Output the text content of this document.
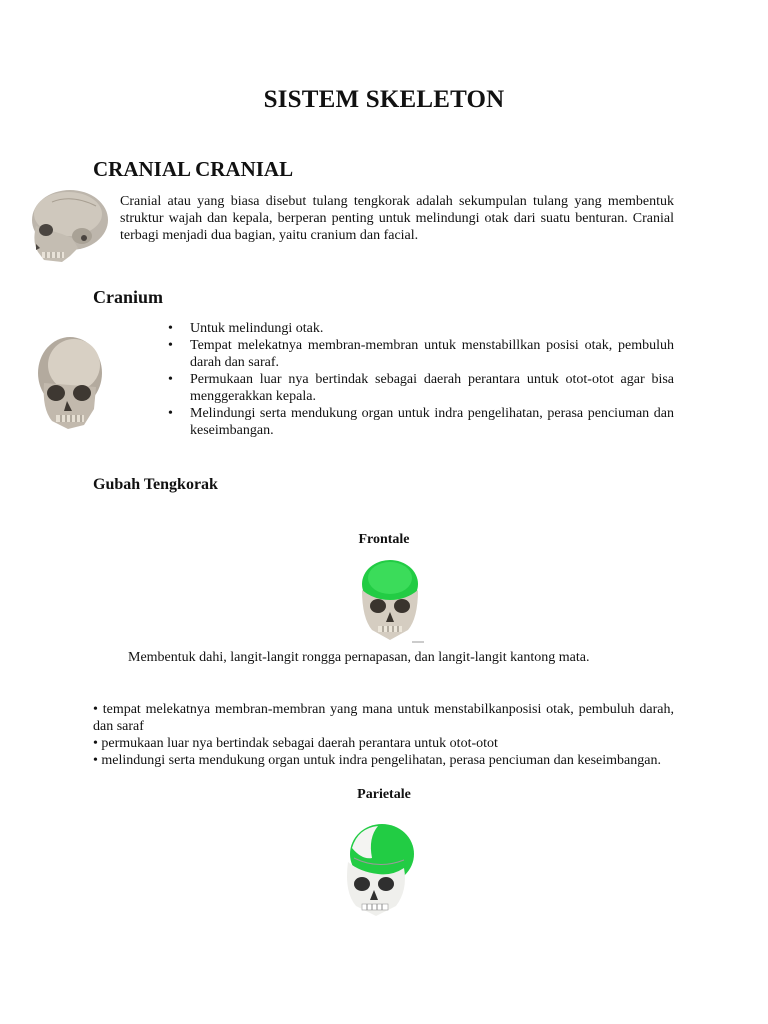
SISTEM SKELETON
CRANIAL CRANIAL
Cranial atau yang biasa disebut tulang tengkorak adalah sekumpulan tulang yang membentuk struktur wajah dan kepala, berperan penting untuk melindungi otak dari suatu benturan. Cranial terbagi menjadi dua bagian, yaitu cranium dan facial.
Cranium
• Untuk melindungi otak.
• Tempat melekatnya membran-membran untuk menstabillkan posisi otak, pembuluh darah dan saraf.
• Permukaan luar nya bertindak sebagai daerah perantara untuk otot-otot agar bisa menggerakkan kepala.
• Melindungi serta mendukung organ untuk indra pengelihatan, perasa penciuman dan keseimbangan.
Gubah Tengkorak
Frontale
Membentuk dahi, langit-langit rongga pernapasan, dan langit-langit kantong mata.

• tempat melekatnya membran-membran yang mana untuk menstabilkanposisi otak, pembuluh darah, dan saraf

• permukaan luar nya bertindak sebagai daerah perantara untuk otot-otot

• melindungi serta mendukung organ untuk indra pengelihatan, perasa penciuman dan keseimbangan.

Parietale
